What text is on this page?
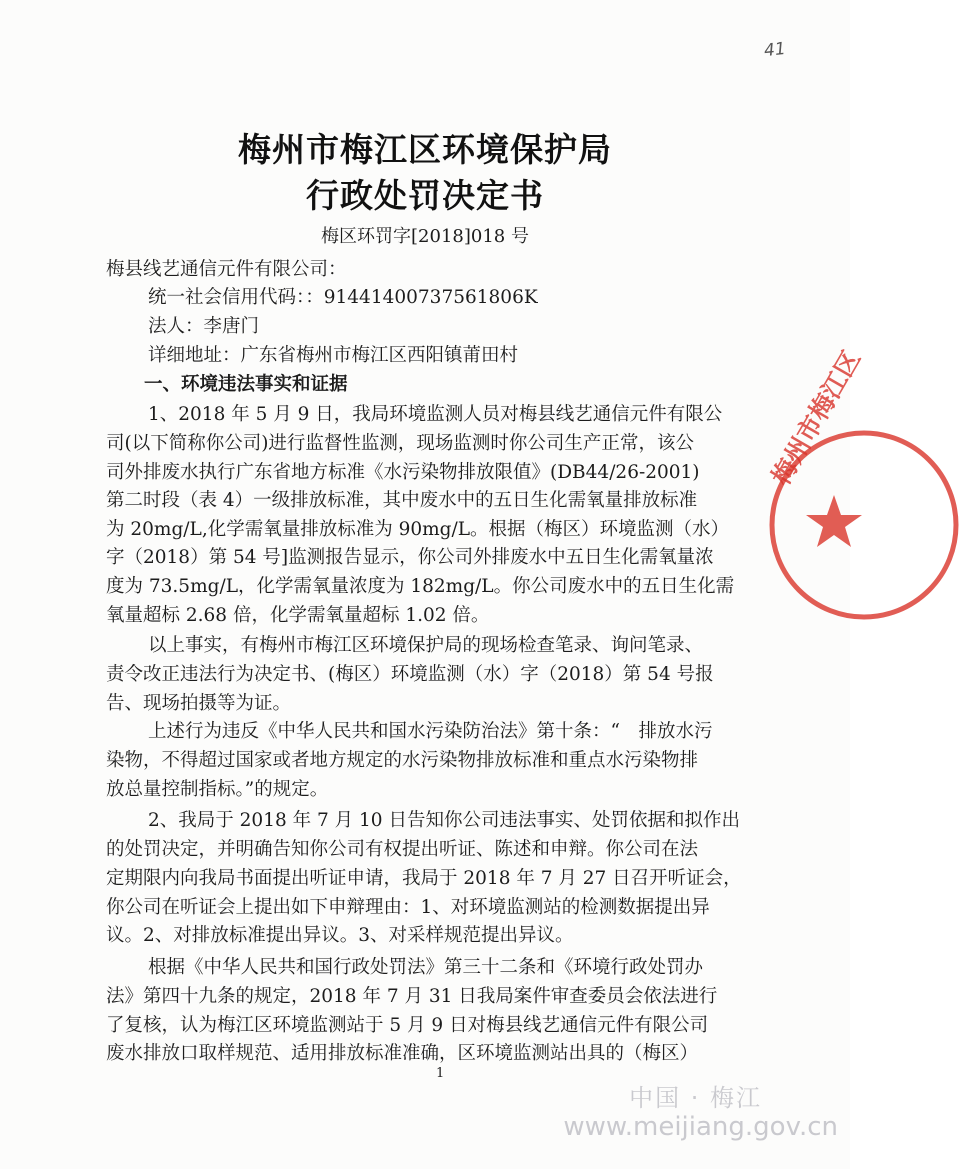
41
梅州市梅江区环境保护局
行政处罚决定书
梅区环罚字[2018]018 号
梅县线艺通信元件有限公司：
统一社会信用代码：：91441400737561806K
法人：李唐门
详细地址：广东省梅州市梅江区西阳镇莆田村
一、环境违法事实和证据
1、2018 年 5 月 9 日，我局环境监测人员对梅县线艺通信元件有限公
司(以下简称你公司)进行监督性监测，现场监测时你公司生产正常，该公
司外排废水执行广东省地方标准《水污染物排放限值》(DB44/26-2001)
第二时段（表 4）一级排放标准，其中废水中的五日生化需氧量排放标准
为 20mg/L,化学需氧量排放标准为 90mg/L。根据（梅区）环境监测（水）
字（2018）第 54 号]监测报告显示，你公司外排废水中五日生化需氧量浓
度为 73.5mg/L，化学需氧量浓度为 182mg/L。你公司废水中的五日生化需
氧量超标 2.68 倍，化学需氧量超标 1.02 倍。
以上事实，有梅州市梅江区环境保护局的现场检查笔录、询问笔录、
责令改正违法行为决定书、(梅区）环境监测（水）字（2018）第 54 号报
告、现场拍摄等为证。
上述行为违反《中华人民共和国水污染防治法》第十条：“　排放水污
染物，不得超过国家或者地方规定的水污染物排放标准和重点水污染物排
放总量控制指标。”的规定。
2、我局于 2018 年 7 月 10 日告知你公司违法事实、处罚依据和拟作出
的处罚决定，并明确告知你公司有权提出听证、陈述和申辩。你公司在法
定期限内向我局书面提出听证申请，我局于 2018 年 7 月 27 日召开听证会，
你公司在听证会上提出如下申辩理由：1、对环境监测站的检测数据提出异
议。2、对排放标准提出异议。3、对采样规范提出异议。
根据《中华人民共和国行政处罚法》第三十二条和《环境行政处罚办
法》第四十九条的规定，2018 年 7 月 31 日我局案件审查委员会依法进行
了复核，认为梅江区环境监测站于 5 月 9 日对梅县线艺通信元件有限公司
废水排放口取样规范、适用排放标准准确，区环境监测站出具的（梅区）
1
梅州市梅江区
中国 · 梅江
www.meijiang.gov.cn
